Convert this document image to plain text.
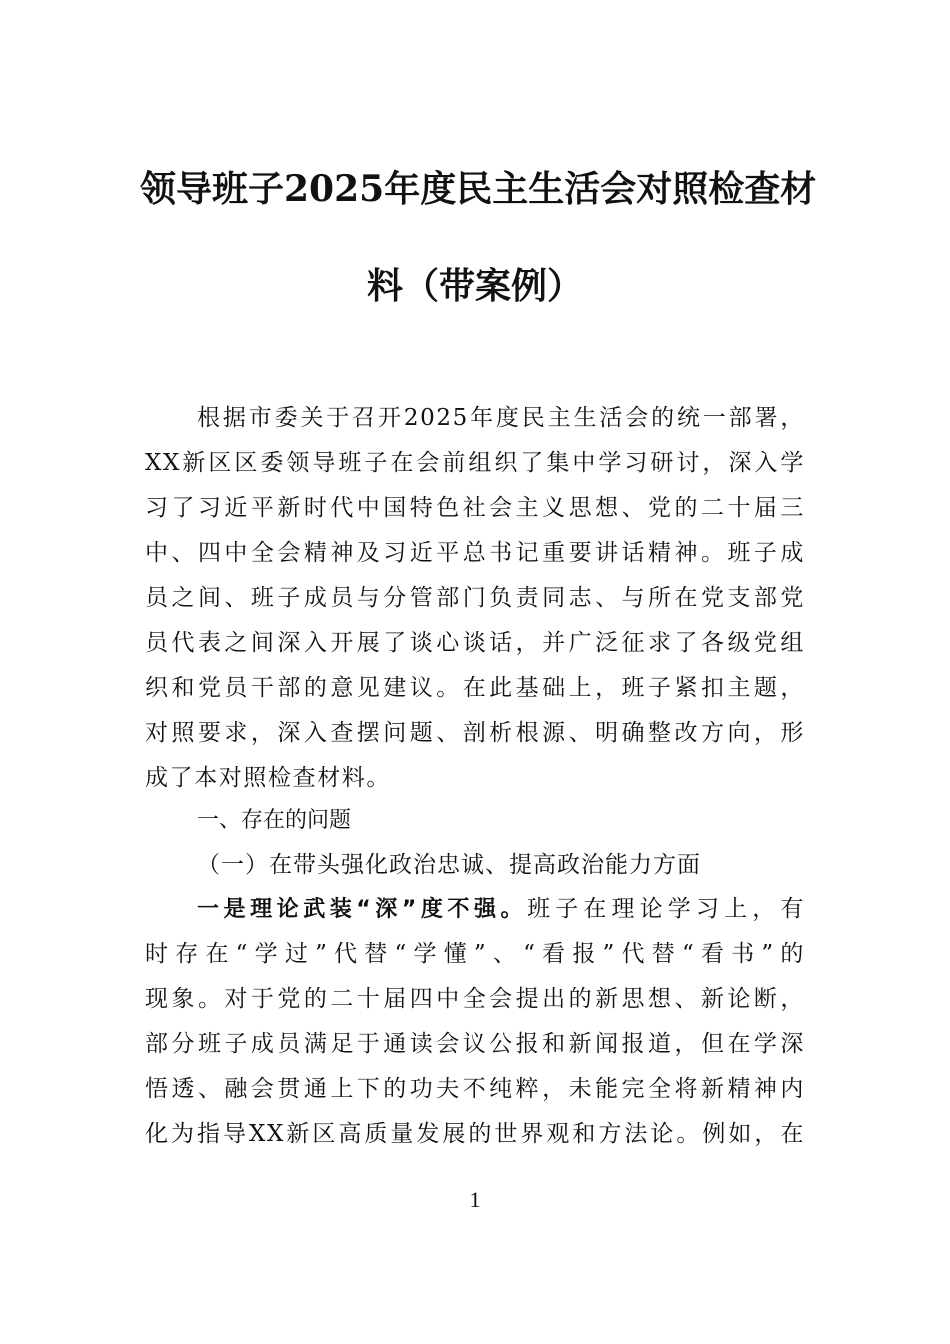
领导班子2025年度民主生活会对照检查材
料（带案例）
根据市委关于召开2025年度民主生活会的统一部署，
XX新区区委领导班子在会前组织了集中学习研讨，深入学
习了习近平新时代中国特色社会主义思想、党的二十届三
中、四中全会精神及习近平总书记重要讲话精神。班子成
员之间、班子成员与分管部门负责同志、与所在党支部党
员代表之间深入开展了谈心谈话，并广泛征求了各级党组
织和党员干部的意见建议。在此基础上，班子紧扣主题，
对照要求，深入查摆问题、剖析根源、明确整改方向，形
成了本对照检查材料。
一、存在的问题
（一）在带头强化政治忠诚、提高政治能力方面
一是理论武装“深”度不强。班子在理论学习上，有
时存在“学过”代替“学懂”、“看报”代替“看书”的
现象。对于党的二十届四中全会提出的新思想、新论断，
部分班子成员满足于通读会议公报和新闻报道，但在学深
悟透、融会贯通上下的功夫不纯粹，未能完全将新精神内
化为指导XX新区高质量发展的世界观和方法论。例如，在
1
